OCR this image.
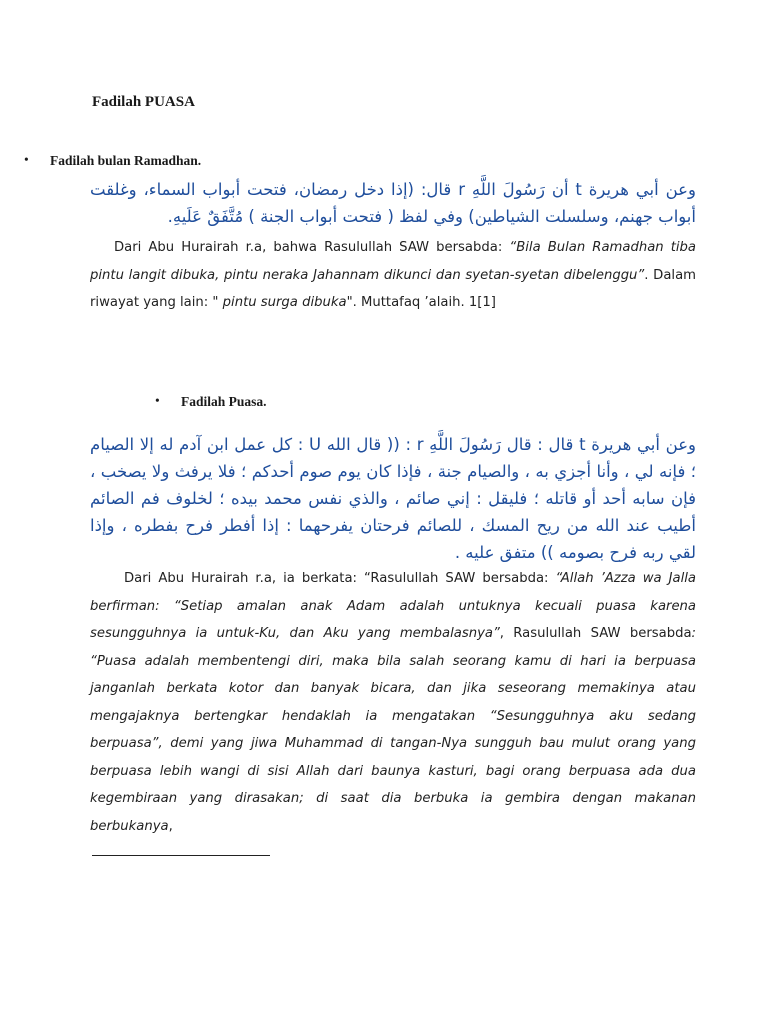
Fadilah PUASA
• Fadilah bulan Ramadhan.
وعن أبي هريرة t أن رَسُولَ اللَّهِ r قال: (إذا دخل رمضان، فتحت أبواب السماء، وغلقت أبواب جهنم، وسلسلت الشياطين) وفي لفظ ( فتحت أبواب الجنة ) مُتَّفَقٌ عَلَيهِ.
Dari Abu Hurairah r.a, bahwa Rasulullah SAW bersabda: “Bila Bulan Ramadhan tiba pintu langit dibuka, pintu neraka Jahannam dikunci dan syetan-syetan dibelenggu”. Dalam riwayat yang lain: " pintu surga dibuka". Muttafaq ’alaih. 1[1]
• Fadilah Puasa.
وعن أبي هريرة t قال : قال رَسُولَ اللَّهِ r : (( قال الله U : كل عمل ابن آدم له إلا الصيام ؛ فإنه لي ، وأنا أجزي به ، والصيام جنة ، فإذا كان يوم صوم أحدكم ؛ فلا يرفث ولا يصخب ، فإن سابه أحد أو قاتله ؛ فليقل : إني صائم ، والذي نفس محمد بيده ؛ لخلوف فم الصائم أطيب عند الله من ريح المسك ، للصائم فرحتان يفرحهما : إذا أفطر فرح بفطره ، وإذا لقي ربه فرح بصومه )) متفق عليه .
Dari Abu Hurairah r.a, ia berkata: “Rasulullah SAW bersabda: “Allah ’Azza wa Jalla berfirman: “Setiap amalan anak Adam adalah untuknya kecuali puasa karena sesungguhnya ia untuk-Ku, dan Aku yang membalasnya”, Rasulullah SAW bersabda: “Puasa adalah membentengi diri, maka bila salah seorang kamu di hari ia berpuasa janganlah berkata kotor dan banyak bicara, dan jika seseorang memakinya atau mengajaknya bertengkar hendaklah ia mengatakan “Sesungguhnya aku sedang berpuasa”, demi yang jiwa Muhammad di tangan-Nya sungguh bau mulut orang yang berpuasa lebih wangi di sisi Allah dari baunya kasturi, bagi orang berpuasa ada dua kegembiraan yang dirasakan; di saat dia berbuka ia gembira dengan makanan berbukanya,
